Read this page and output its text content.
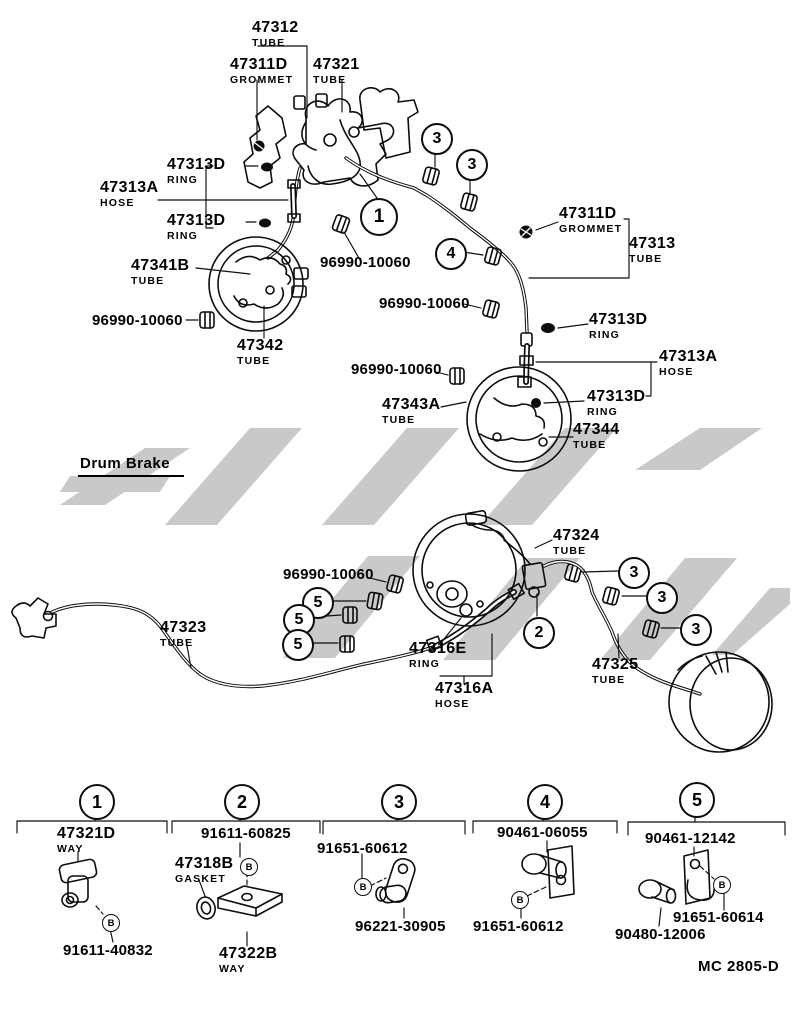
47312
TUBE
47311D
GROMMET
47321
TUBE
47313D
RING
47313A
HOSE
47313D
RING
47341B
TUBE
96990-10060
47342
TUBE
96990-10060
47311D
GROMMET
47313
TUBE
96990-10060
47313D
RING
47313A
HOSE
96990-10060
47343A
TUBE
47313D
RING
47344
TUBE
Drum Brake
47324
TUBE
96990-10060
47323
TUBE	47316E
RING
47316A
HOSE
47325
TUBE
3
3
1
4
5
5
5
2
3
3
3
1	2	3	4	5
47321D
WAY
91611-40832
91611-60825
47318B
GASKET
47322B
WAY
91651-60612
96221-30905
90461-06055
91651-60612
90461-12142
91651-60614
90480-12006
B
B
B
B
B
MC 2805-D
